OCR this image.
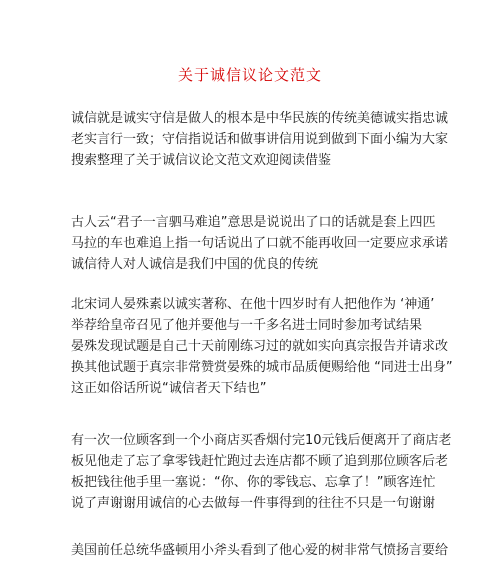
关于诚信议论文范文
诚信就是诚实守信是做人的根本是中华民族的传统美德诚实指忠诚
老实言行一致；守信指说话和做事讲信用说到做到下面小编为大家
搜索整理了关于诚信议论文范文欢迎阅读借鉴
古人云“君子一言驷马难追”意思是说说出了口的话就是套上四匹
马拉的车也难追上指一句话说出了口就不能再收回一定要应求承诺
诚信待人对人诚信是我们中国的优良的传统
北宋词人晏殊素以诚实著称、在他十四岁时有人把他作为 ‘神通’
举荐给皇帝召见了他并要他与一千多名进士同时参加考试结果
晏殊发现试题是自己十天前刚练习过的就如实向真宗报告并请求改
换其他试题于真宗非常赞赏晏殊的城市品质便赐给他 “同进士出身”
这正如俗话所说“诚信者天下结也”
有一次一位顾客到一个小商店买香烟付完10元钱后便离开了商店老
板见他走了忘了拿零钱赶忙跑过去连店都不顾了追到那位顾客后老
板把钱往他手里一塞说：“你、你的零钱忘、忘拿了！”顾客连忙
说了声谢谢用诚信的心去做每一件事得到的往往不只是一句谢谢
美国前任总统华盛顿用小斧头看到了他心爱的树非常气愤扬言要给
